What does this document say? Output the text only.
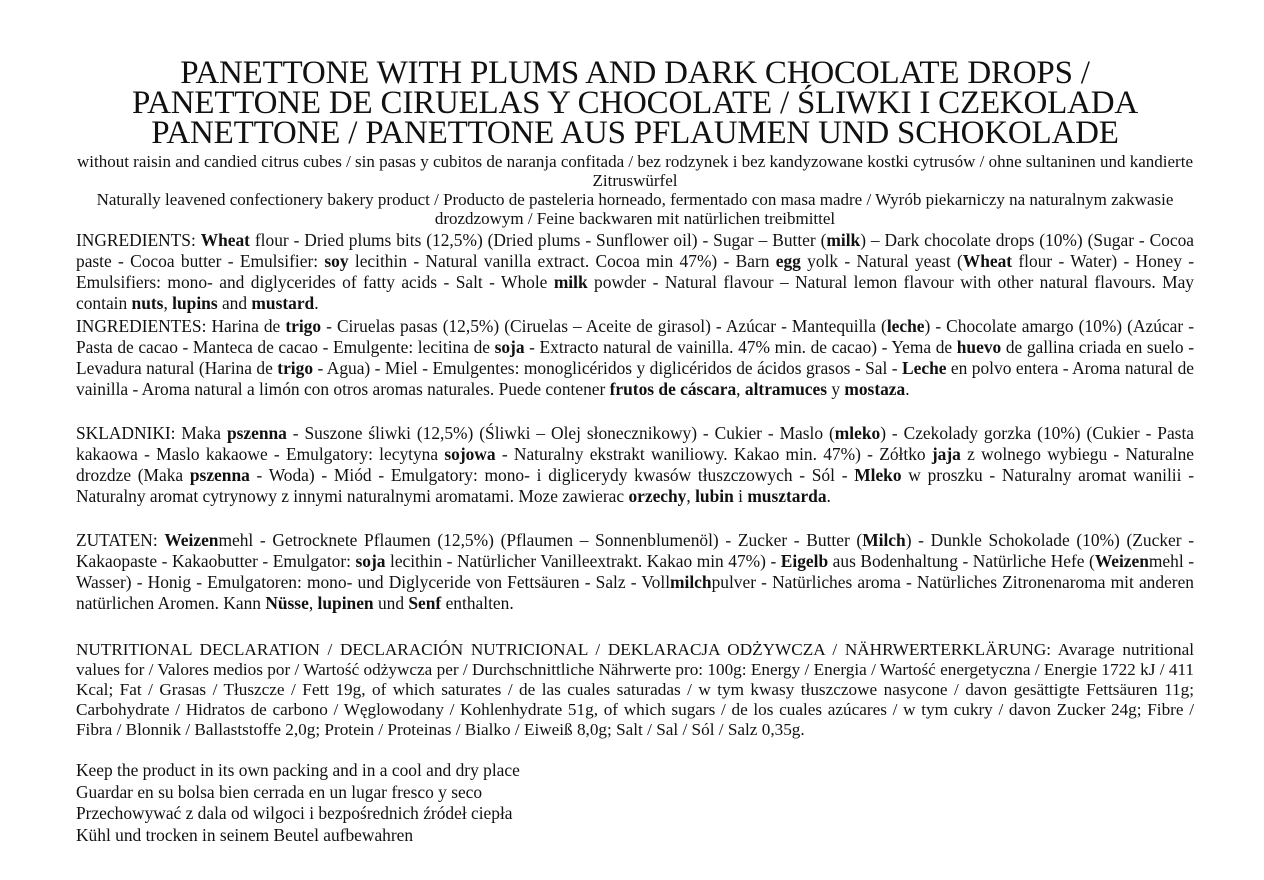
PANETTONE WITH PLUMS AND DARK CHOCOLATE DROPS /
PANETTONE DE CIRUELAS Y CHOCOLATE / ŚLIWKI I CZEKOLADA
PANETTONE / PANETTONE AUS PFLAUMEN UND SCHOKOLADE
without raisin and candied citrus cubes / sin pasas y cubitos de naranja confitada / bez rodzynek i bez kandyzowane kostki cytrusów / ohne sultaninen und kandierte Zitruswürfel
Naturally leavened confectionery bakery product / Producto de pasteleria horneado, fermentado con masa madre / Wyrób piekarniczy na naturalnym zakwasie drozdzowym / Feine backwaren mit natürlichen treibmittel
INGREDIENTS: Wheat flour - Dried plums bits (12,5%) (Dried plums - Sunflower oil) - Sugar – Butter (milk) – Dark chocolate drops (10%) (Sugar - Cocoa paste - Cocoa butter - Emulsifier: soy lecithin - Natural vanilla extract. Cocoa min 47%) - Barn egg yolk - Natural yeast (Wheat flour - Water) - Honey - Emulsifiers: mono- and diglycerides of fatty acids - Salt - Whole milk powder - Natural flavour – Natural lemon flavour with other natural flavours. May contain nuts, lupins and mustard.
INGREDIENTES: Harina de trigo - Ciruelas pasas (12,5%) (Ciruelas – Aceite de girasol) - Azúcar - Mantequilla (leche) - Chocolate amargo (10%) (Azúcar - Pasta de cacao - Manteca de cacao - Emulgente: lecitina de soja - Extracto natural de vainilla. 47% min. de cacao) - Yema de huevo de gallina criada en suelo - Levadura natural (Harina de trigo - Agua) - Miel - Emulgentes: monoglicéridos y diglicéridos de ácidos grasos - Sal - Leche en polvo entera - Aroma natural de vainilla - Aroma natural a limón con otros aromas naturales. Puede contener frutos de cáscara, altramuces y mostaza.
SKLADNIKI: Maka pszenna - Suszone śliwki (12,5%) (Śliwki – Olej słonecznikowy) - Cukier - Maslo (mleko) - Czekolady gorzka (10%) (Cukier - Pasta kakaowa - Maslo kakaowe - Emulgatory: lecytyna sojowa - Naturalny ekstrakt waniliowy. Kakao min. 47%) - Zółtko jaja z wolnego wybiegu - Naturalne drozdze (Maka pszenna - Woda) - Miód - Emulgatory: mono- i diglicerydy kwasów tłuszczowych - Sól - Mleko w proszku - Naturalny aromat wanilii - Naturalny aromat cytrynowy z innymi naturalnymi aromatami. Moze zawierac orzechy, lubin i musztarda.
ZUTATEN: Weizenmehl - Getrocknete Pflaumen (12,5%) (Pflaumen – Sonnenblumenöl) - Zucker - Butter (Milch) - Dunkle Schokolade (10%) (Zucker - Kakaopaste - Kakaobutter - Emulgator: soja lecithin - Natürlicher Vanilleextrakt. Kakao min 47%) - Eigelb aus Bodenhaltung - Natürliche Hefe (Weizenmehl - Wasser) - Honig - Emulgatoren: mono- und Diglyceride von Fettsäuren - Salz - Vollmilchpulver - Natürliches aroma - Natürliches Zitronenaroma mit anderen natürlichen Aromen. Kann Nüsse, lupinen und Senf enthalten.
NUTRITIONAL DECLARATION / DECLARACIÓN NUTRICIONAL / DEKLARACJA ODŻYWCZA / NÄHRWERTERKLÄRUNG: Avarage nutritional values for / Valores medios por / Wartość odżywcza per / Durchschnittliche Nährwerte pro: 100g: Energy / Energia / Wartość energetyczna / Energie 1722 kJ / 411 Kcal; Fat / Grasas / Tłuszcze / Fett 19g, of which saturates / de las cuales saturadas / w tym kwasy tłuszczowe nasycone / davon gesättigte Fettsäuren 11g; Carbohydrate / Hidratos de carbono / Węglowodany / Kohlenhydrate 51g, of which sugars / de los cuales azúcares / w tym cukry / davon Zucker 24g; Fibre / Fibra / Blonnik / Ballaststoffe 2,0g; Protein / Proteinas / Bialko / Eiweiß 8,0g; Salt / Sal / Sól / Salz 0,35g.
Keep the product in its own packing and in a cool and dry place
Guardar en su bolsa bien cerrada en un lugar fresco y seco
Przechowywać z dala od wilgoci i bezpośrednich źródeł ciepła
Kühl und trocken in seinem Beutel aufbewahren
